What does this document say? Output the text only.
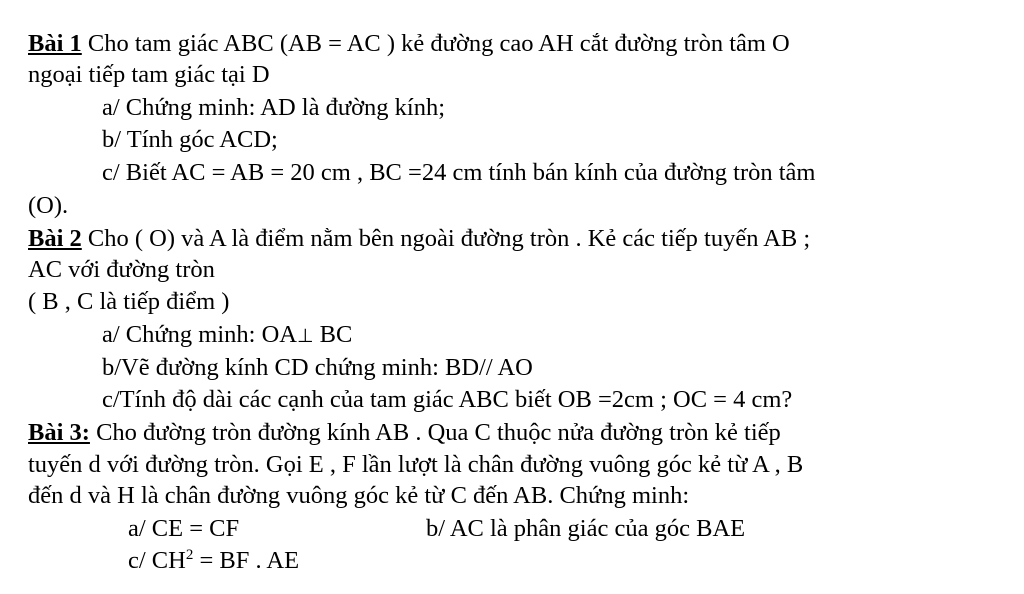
Bài 1 Cho tam giác ABC (AB = AC ) kẻ đường cao AH cắt đường tròn tâm O
ngoại tiếp tam giác tại D
a/ Chứng minh: AD là đường kính;
b/ Tính góc ACD;
c/ Biết AC = AB = 20 cm , BC =24 cm tính bán kính của đường tròn tâm
(O).
Bài 2 Cho ( O) và A là điểm nằm bên ngoài đường tròn . Kẻ các tiếp tuyến AB ;
AC với đường tròn
( B , C là tiếp điểm )
a/ Chứng minh: OA⊥ BC
b/Vẽ đường kính CD chứng minh: BD// AO
c/Tính độ dài các cạnh của tam giác ABC biết OB =2cm ; OC = 4 cm?
Bài 3: Cho đường tròn đường kính AB . Qua C thuộc nửa đường tròn kẻ tiếp
tuyến d với đường tròn. Gọi E , F lần lượt là chân đường vuông góc kẻ từ A , B
đến d và H là chân đường vuông góc kẻ từ C đến AB. Chứng minh:
a/ CE = CF	b/ AC là phân giác của góc BAE
c/ $CH^2$ = BF . AE
